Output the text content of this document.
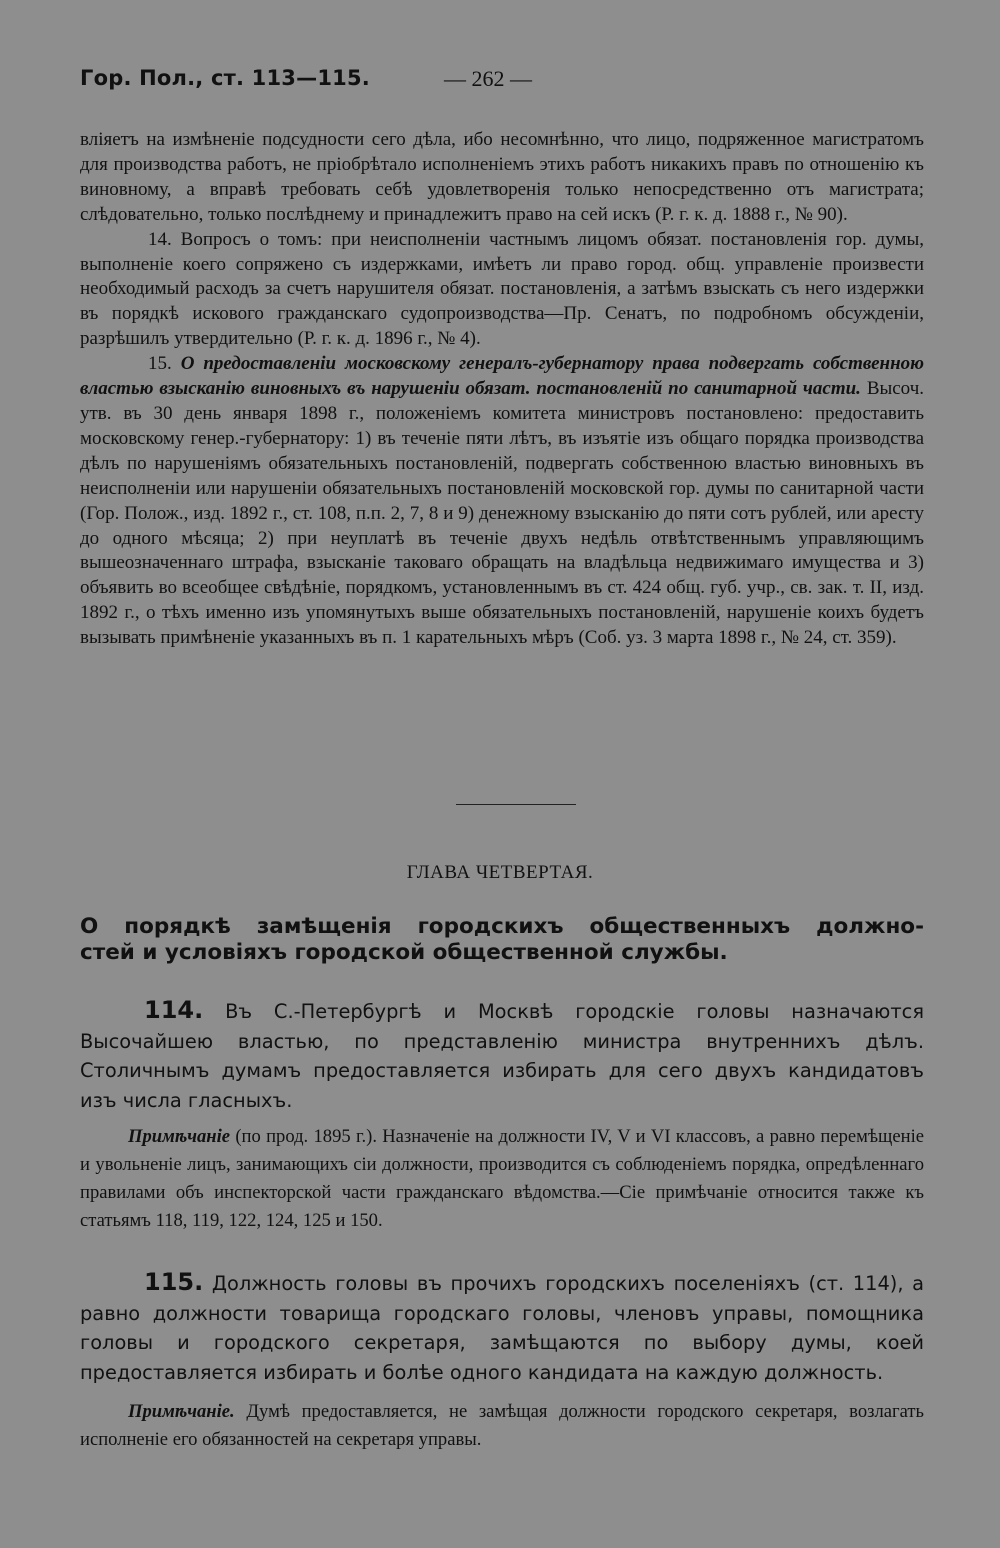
Гор. Пол., ст. 113—115.	— 262 —

вліяетъ на измѣненіе подсудности сего дѣла, ибо несомнѣнно, что лицо, подряженное магистратомъ для производства работъ, не пріобрѣтало исполненіемъ этихъ работъ никакихъ правъ по отношенію къ виновному, а вправѣ требовать себѣ удовлетворенія только непосредственно отъ магистрата; слѣдовательно, только послѣднему и принадлежитъ право на сей искъ (Р. г. к. д. 1888 г., № 90).

14. Вопросъ о томъ: при неисполненіи частнымъ лицомъ обязат. постановленія гор. думы, выполненіе коего сопряжено съ издержками, имѣетъ ли право город. общ. управленіе произвести необходимый расходъ за счетъ нарушителя обязат. постановленія, а затѣмъ взыскать съ него издержки въ порядкѣ искового гражданскаго судопроизводства—Пр. Сенатъ, по подробномъ обсужденіи, разрѣшилъ утвердительно (Р. г. к. д. 1896 г., № 4).

15. О предоставленіи московскому генералъ-губернатору права подвергать собственною властью взысканію виновныхъ въ нарушеніи обязат. постановленій по санитарной части. Высоч. утв. въ 30 день января 1898 г., положеніемъ комитета министровъ постановлено: предоставить московскому генер.-губернатору: 1) въ теченіе пяти лѣтъ, въ изъятіе изъ общаго порядка производства дѣлъ по нарушеніямъ обязательныхъ постановленій, подвергать собственною властью виновныхъ въ неисполненіи или нарушеніи обязательныхъ постановленій московской гор. думы по санитарной части (Гор. Полож., изд. 1892 г., ст. 108, п.п. 2, 7, 8 и 9) денежному взысканію до пяти сотъ рублей, или аресту до одного мѣсяца; 2) при неуплатѣ въ теченіе двухъ недѣль отвѣтственнымъ управляющимъ вышеозначеннаго штрафа, взысканіе таковаго обращать на владѣльца недвижимаго имущества и 3) объявить во всеобщее свѣдѣніе, порядкомъ, установленнымъ въ ст. 424 общ. губ. учр., св. зак. т. II, изд. 1892 г., о тѣхъ именно изъ упомянутыхъ выше обязательныхъ постановленій, нарушеніе коихъ будетъ вызывать примѣненіе указанныхъ въ п. 1 карательныхъ мѣръ (Соб. уз. 3 марта 1898 г., № 24, ст. 359).

ГЛАВА ЧЕТВЕРТАЯ.
О порядкѣ замѣщенія городскихъ общественныхъ должно-
стей и условіяхъ городской общественной службы.

114. Въ С.-Петербургѣ и Москвѣ городскіе головы назначаются Высочайшею властью, по представленію министра внутреннихъ дѣлъ. Столичнымъ думамъ предоставляется избирать для сего двухъ кандидатовъ изъ числа гласныхъ.

Примѣчаніе (по прод. 1895 г.). Назначеніе на должности IV, V и VI классовъ, а равно перемѣщеніе и увольненіе лицъ, занимающихъ сіи должности, производится съ соблюденіемъ порядка, опредѣленнаго правилами объ инспекторской части гражданскаго вѣдомства.—Сіе примѣчаніе относится также къ статьямъ 118, 119, 122, 124, 125 и 150.

115. Должность головы въ прочихъ городскихъ поселеніяхъ (ст. 114), а равно должности товарища городскаго головы, членовъ управы, помощника головы и городского секретаря, замѣщаются по выбору думы, коей предоставляется избирать и болѣе одного кандидата на каждую должность.

Примѣчаніе. Думѣ предоставляется, не замѣщая должности городского секретаря, возлагать исполненіе его обязанностей на секретаря управы.
